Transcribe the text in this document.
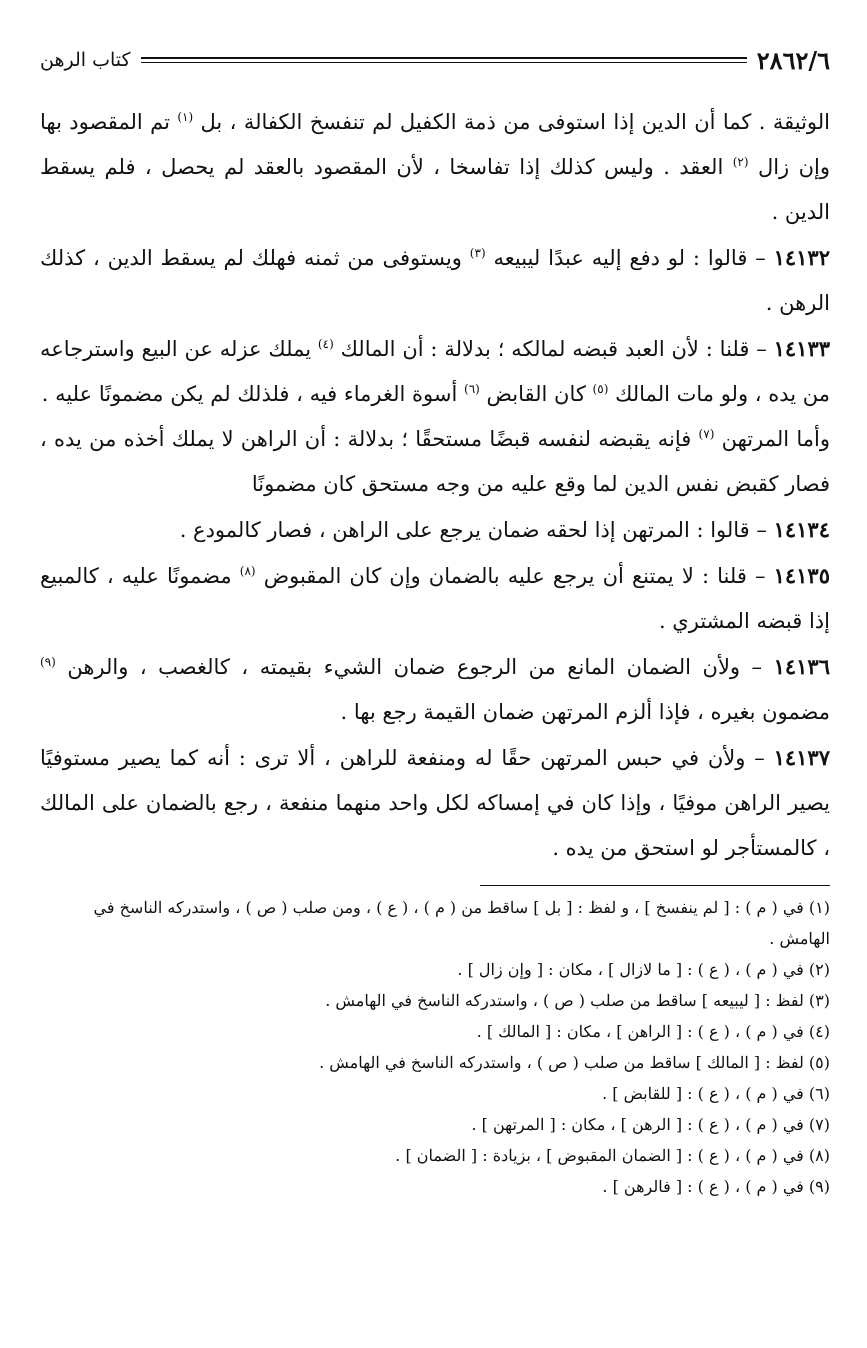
٢٨٦٢/٦
كتاب الرهن

الوثيقة . كما أن الدين إذا استوفى من ذمة الكفيل لم تنفسخ الكفالة ، بل $^{(١)}$ تم المقصود بها وإن زال $^{(٢)}$ العقد . وليس كذلك إذا تفاسخا ، لأن المقصود بالعقد لم يحصل ، فلم يسقط الدين .

١٤١٣٢ – قالوا : لو دفع إليه عبدًا ليبيعه $^{(٣)}$ ويستوفى من ثمنه فهلك لم يسقط الدين ، كذلك الرهن .

١٤١٣٣ – قلنا : لأن العبد قبضه لمالكه ؛ بدلالة : أن المالك $^{(٤)}$ يملك عزله عن البيع واسترجاعه من يده ، ولو مات المالك $^{(٥)}$ كان القابض $^{(٦)}$ أسوة الغرماء فيه ، فلذلك لم يكن مضمونًا عليه .

وأما المرتهن $^{(٧)}$ فإنه يقبضه لنفسه قبضًا مستحقًا ؛ بدلالة : أن الراهن لا يملك أخذه من يده ، فصار كقبض نفس الدين لما وقع عليه من وجه مستحق كان مضمونًا

١٤١٣٤ – قالوا : المرتهن إذا لحقه ضمان يرجع على الراهن ، فصار كالمودع .

١٤١٣٥ – قلنا : لا يمتنع أن يرجع عليه بالضمان وإن كان المقبوض $^{(٨)}$ مضمونًا عليه ، كالمبيع إذا قبضه المشتري .

١٤١٣٦ – ولأن الضمان المانع من الرجوع ضمان الشيء بقيمته ، كالغصب ، والرهن $^{(٩)}$ مضمون بغيره ، فإذا ألزم المرتهن ضمان القيمة رجع بها .

١٤١٣٧ – ولأن في حبس المرتهن حقًا له ومنفعة للراهن ، ألا ترى : أنه كما يصير مستوفيًا يصير الراهن موفيًا ، وإذا كان في إمساكه لكل واحد منهما منفعة ، رجع بالضمان على المالك ، كالمستأجر لو استحق من يده .

(١) في ( م ) : [ لم ينفسخ ] ، و لفظ : [ بل ] ساقط من ( م ) ، ( ع ) ، ومن صلب ( ص ) ، واستدركه الناسخ في الهامش .
(٢) في ( م ) ، ( ع ) : [ ما لازال ] ، مكان : [ وإن زال ] .
(٣) لفظ : [ ليبيعه ] ساقط من صلب ( ص ) ، واستدركه الناسخ في الهامش .
(٤) في ( م ) ، ( ع ) : [ الراهن ] ، مكان : [ المالك ] .
(٥) لفظ : [ المالك ] ساقط من صلب ( ص ) ، واستدركه الناسخ في الهامش .
(٦) في ( م ) ، ( ع ) : [ للقابض ] .
(٧) في ( م ) ، ( ع ) : [ الرهن ] ، مكان : [ المرتهن ] .
(٨) في ( م ) ، ( ع ) : [ الضمان المقبوض ] ، بزيادة : [ الضمان ] .
(٩) في ( م ) ، ( ع ) : [ فالرهن ] .
